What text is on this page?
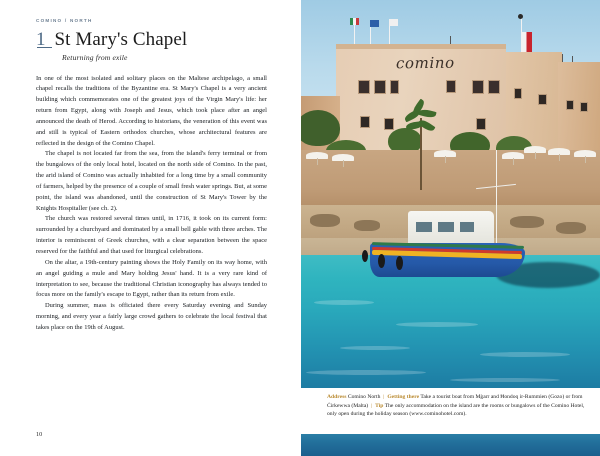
COMINO / NORTH
1 St Mary's Chapel
Returning from exile

In one of the most isolated and solitary places on the Maltese archipelago, a small chapel recalls the traditions of the Byzantine era. St Mary's Chapel is a very ancient building which commemorates one of the greatest joys of the Virgin Mary's life: her return from Egypt, along with Joseph and Jesus, which took place after an angel announced the death of Herod. According to historians, the veneration of this event was and still is typical of Eastern orthodox churches, whose architectural features are reflected in the design of the Comino Chapel.

The chapel is not located far from the sea, from the island's ferry terminal or from the bungalows of the only local hotel, located on the north side of Comino. In the past, the arid island of Comino was actually inhabited for a long time by a small community of farmers, helped by the presence of a couple of small fresh water springs. But, at some point, the island was abandoned, until the construction of St Mary's Tower by the Knights Hospitaller (see ch. 2).

The church was restored several times until, in 1716, it took on its current form: surrounded by a churchyard and dominated by a small bell gable with three arches. The interior is reminiscent of Greek churches, with a clear separation between the space reserved for the faithful and that used for liturgical celebrations.

On the altar, a 19th-century painting shows the Holy Family on its way home, with an angel guiding a mule and Mary holding Jesus' hand. It is a very rare kind of interpretation to see, because the traditional Christian iconography has always tended to focus more on the family's escape to Egypt, rather than its return from exile.

During summer, mass is officiated there every Saturday evening and Sunday morning, and every year a fairly large crowd gathers to celebrate the local festival that takes place on the 19th of August.

10
comino
Address Comino North | Getting there Take a tourist boat from Mġarr and Ħondoq ir-Rummien (Gozo) or from Ċirkewwa (Malta) | Tip The only accommodation on the island are the rooms or bungalows of the Comino Hotel, only open during the holiday season (www.cominohotel.com).
